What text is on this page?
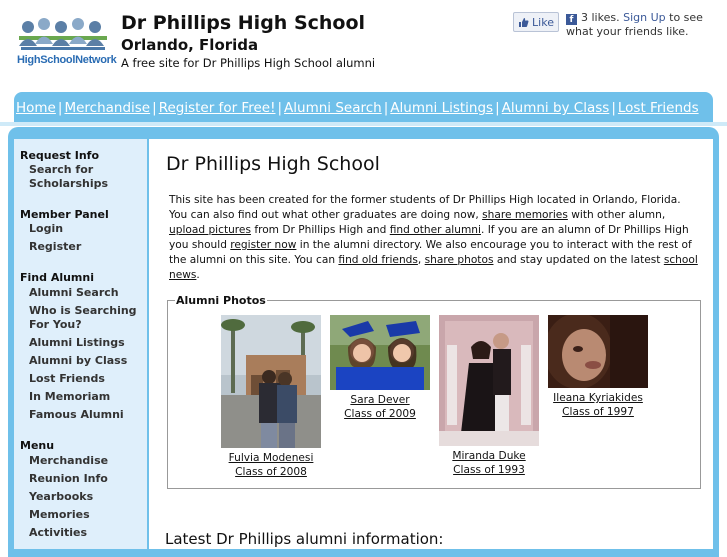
HighSchoolNetwork
Dr Phillips High School
Orlando, Florida
A free site for Dr Phillips High School alumni
Like	f 3 likes. Sign Up to see what your friends like.
Home | Merchandise | Register for Free! | Alumni Search | Alumni Listings | Alumni by Class | Lost Friends
Request Info
Search for Scholarships
Member Panel
Login
Register
Find Alumni
Alumni Search
Who is Searching For You?
Alumni Listings
Alumni by Class
Lost Friends
In Memoriam
Famous Alumni
Menu
Merchandise
Reunion Info
Yearbooks
Memories
Activities
Dr Phillips High School
This site has been created for the former students of Dr Phillips High located in Orlando, Florida. You can also find out what other graduates are doing now, share memories with other alumn, upload pictures from Dr Phillips High and find other alumni. If you are an alumn of Dr Phillips High you should register now in the alumni directory. We also encourage you to interact with the rest of the alumni on this site. You can find old friends, share photos and stay updated on the latest school news.
Alumni Photos
Fulvia Modenesi
Class of 2008
Sara Dever
Class of 2009
Miranda Duke
Class of 1993
Ileana Kyriakides
Class of 1997
Latest Dr Phillips alumni information:
